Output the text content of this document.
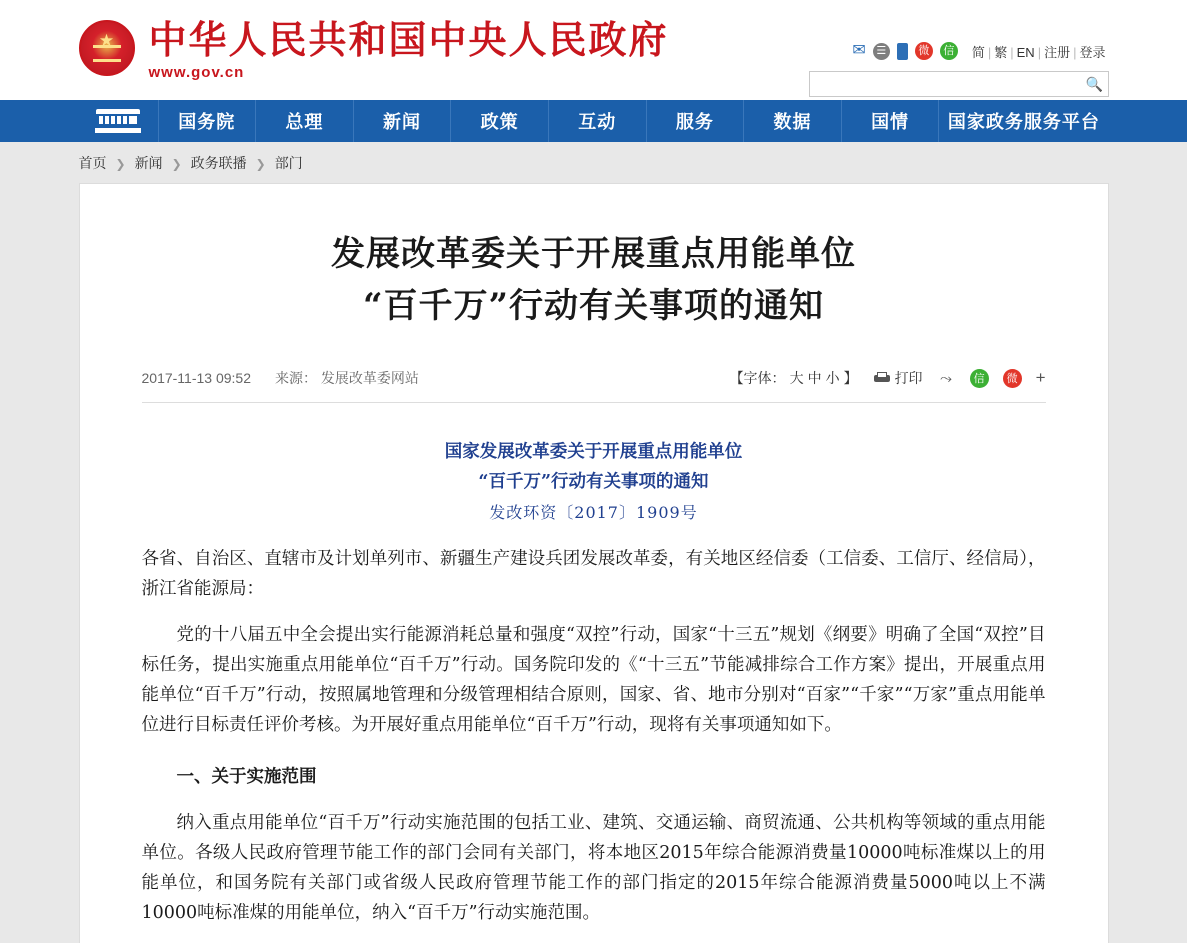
★
中华人民共和国中央人民政府
www.gov.cn
✉ ☰	微	信 简 | 繁 | EN | 注册 | 登录
🔍
国务院	总理	新闻	政策	互动	服务	数据	国情	国家政务服务平台
首页 ❯ 新闻 ❯ 政务联播 ❯ 部门
发展改革委关于开展重点用能单位
“百千万”行动有关事项的通知
2017-11-13 09:52 来源： 发展改革委网站	【字体： 大 中 小 】	打印 ⤳	信	微 +
国家发展改革委关于开展重点用能单位
“百千万”行动有关事项的通知
发改环资〔2017〕1909号

各省、自治区、直辖市及计划单列市、新疆生产建设兵团发展改革委，有关地区经信委（工信委、工信厅、经信局），浙江省能源局：

党的十八届五中全会提出实行能源消耗总量和强度“双控”行动，国家“十三五”规划《纲要》明确了全国“双控”目标任务，提出实施重点用能单位“百千万”行动。国务院印发的《“十三五”节能减排综合工作方案》提出，开展重点用能单位“百千万”行动，按照属地管理和分级管理相结合原则，国家、省、地市分别对“百家”“千家”“万家”重点用能单位进行目标责任评价考核。为开展好重点用能单位“百千万”行动，现将有关事项通知如下。

一、关于实施范围

纳入重点用能单位“百千万”行动实施范围的包括工业、建筑、交通运输、商贸流通、公共机构等领域的重点用能单位。各级人民政府管理节能工作的部门会同有关部门，将本地区2015年综合能源消费量10000吨标准煤以上的用能单位，和国务院有关部门或省级人民政府管理节能工作的部门指定的2015年综合能源消费量5000吨以上不满10000吨标准煤的用能单位，纳入“百千万”行动实施范围。
